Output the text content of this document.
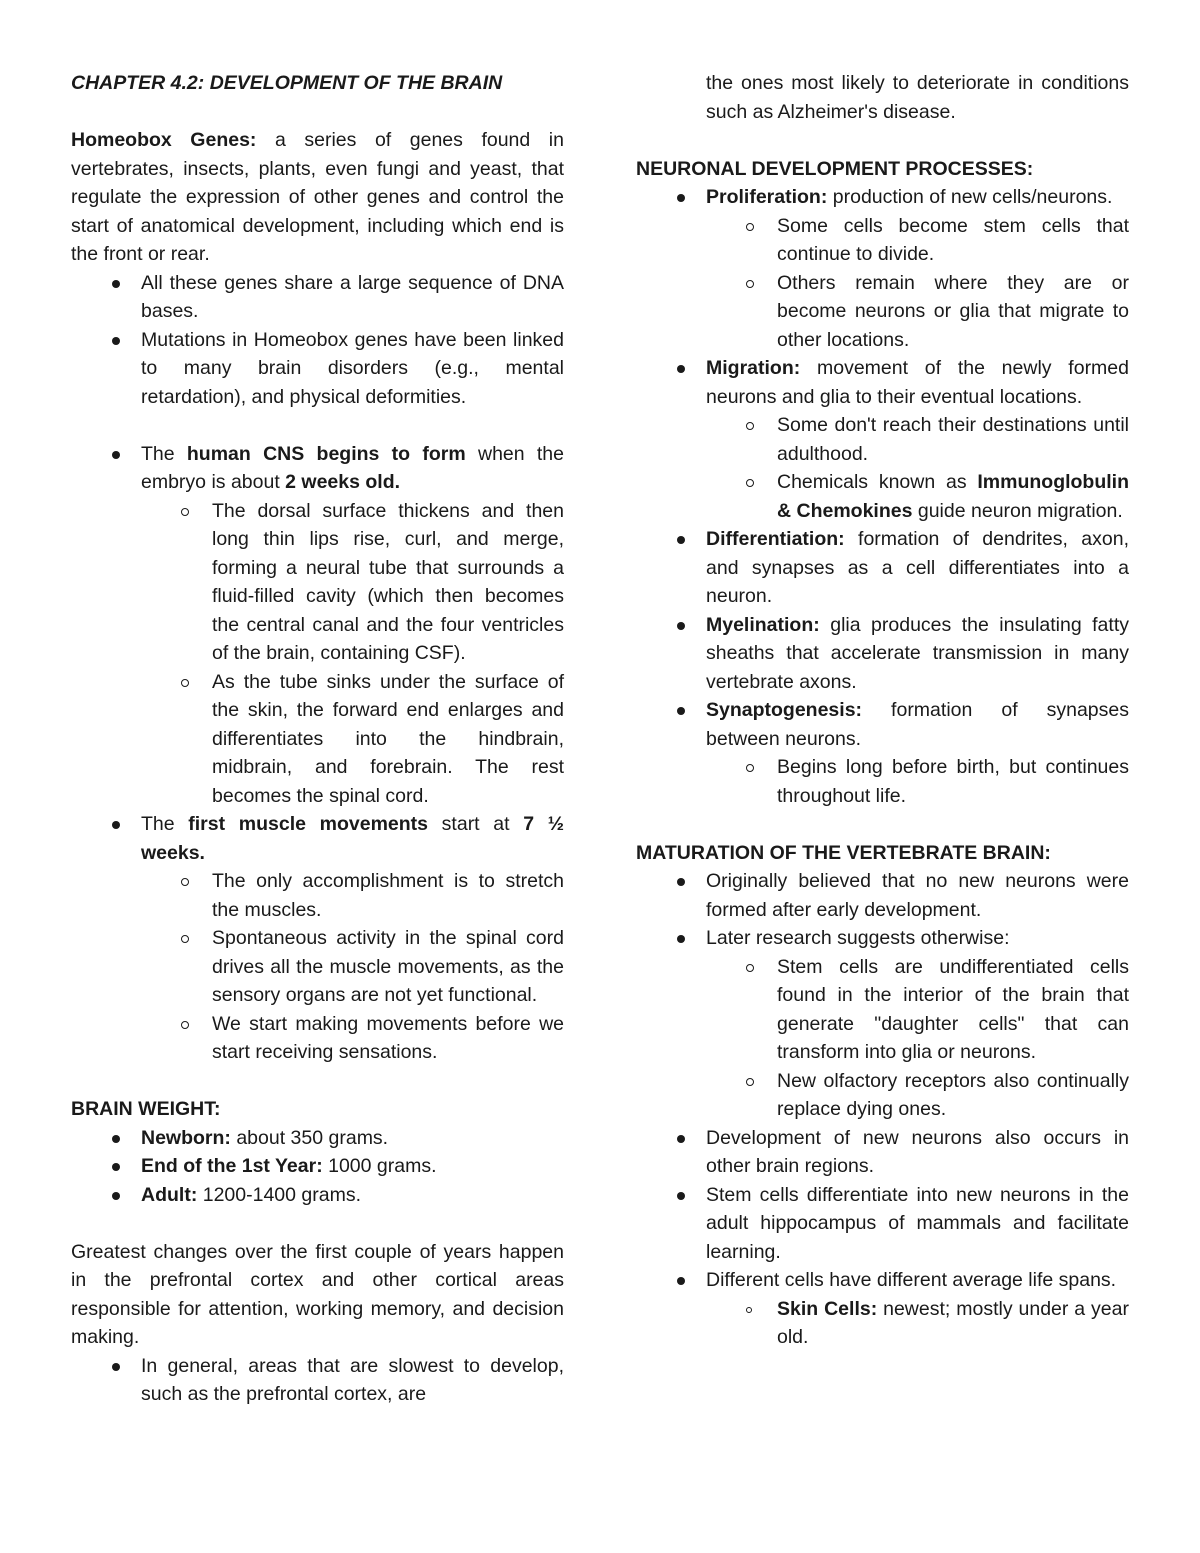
CHAPTER 4.2: DEVELOPMENT OF THE BRAIN

Homeobox Genes: a series of genes found in vertebrates, insects, plants, even fungi and yeast, that regulate the expression of other genes and control the start of anatomical development, including which end is the front or rear.

All these genes share a large sequence of DNA bases.
Mutations in Homeobox genes have been linked to many brain disorders (e.g., mental retardation), and physical deformities.
The human CNS begins to form when the embryo is about 2 weeks old.
The dorsal surface thickens and then long thin lips rise, curl, and merge, forming a neural tube that surrounds a fluid-filled cavity (which then becomes the central canal and the four ventricles of the brain, containing CSF).
As the tube sinks under the surface of the skin, the forward end enlarges and differentiates into the hindbrain, midbrain, and forebrain. The rest becomes the spinal cord.
The first muscle movements start at 7 ½ weeks.
The only accomplishment is to stretch the muscles.
Spontaneous activity in the spinal cord drives all the muscle movements, as the sensory organs are not yet functional.
We start making movements before we start receiving sensations.

BRAIN WEIGHT:

Newborn: about 350 grams.
End of the 1st Year: 1000 grams.
Adult: 1200-1400 grams.

Greatest changes over the first couple of years happen in the prefrontal cortex and other cortical areas responsible for attention, working memory, and decision making.

In general, areas that are slowest to develop, such as the prefrontal cortex, are
the ones most likely to deteriorate in conditions such as Alzheimer's disease.

NEURONAL DEVELOPMENT PROCESSES:

Proliferation: production of new cells/neurons.
Some cells become stem cells that continue to divide.
Others remain where they are or become neurons or glia that migrate to other locations.
Migration: movement of the newly formed neurons and glia to their eventual locations.
Some don't reach their destinations until adulthood.
Chemicals known as Immunoglobulin & Chemokines guide neuron migration.
Differentiation: formation of dendrites, axon, and synapses as a cell differentiates into a neuron.
Myelination: glia produces the insulating fatty sheaths that accelerate transmission in many vertebrate axons.
Synaptogenesis: formation of synapses between neurons.
Begins long before birth, but continues throughout life.

MATURATION OF THE VERTEBRATE BRAIN:

Originally believed that no new neurons were formed after early development.
Later research suggests otherwise:
Stem cells are undifferentiated cells found in the interior of the brain that generate "daughter cells" that can transform into glia or neurons.
New olfactory receptors also continually replace dying ones.
Development of new neurons also occurs in other brain regions.
Stem cells differentiate into new neurons in the adult hippocampus of mammals and facilitate learning.
Different cells have different average life spans.
Skin Cells: newest; mostly under a year old.
